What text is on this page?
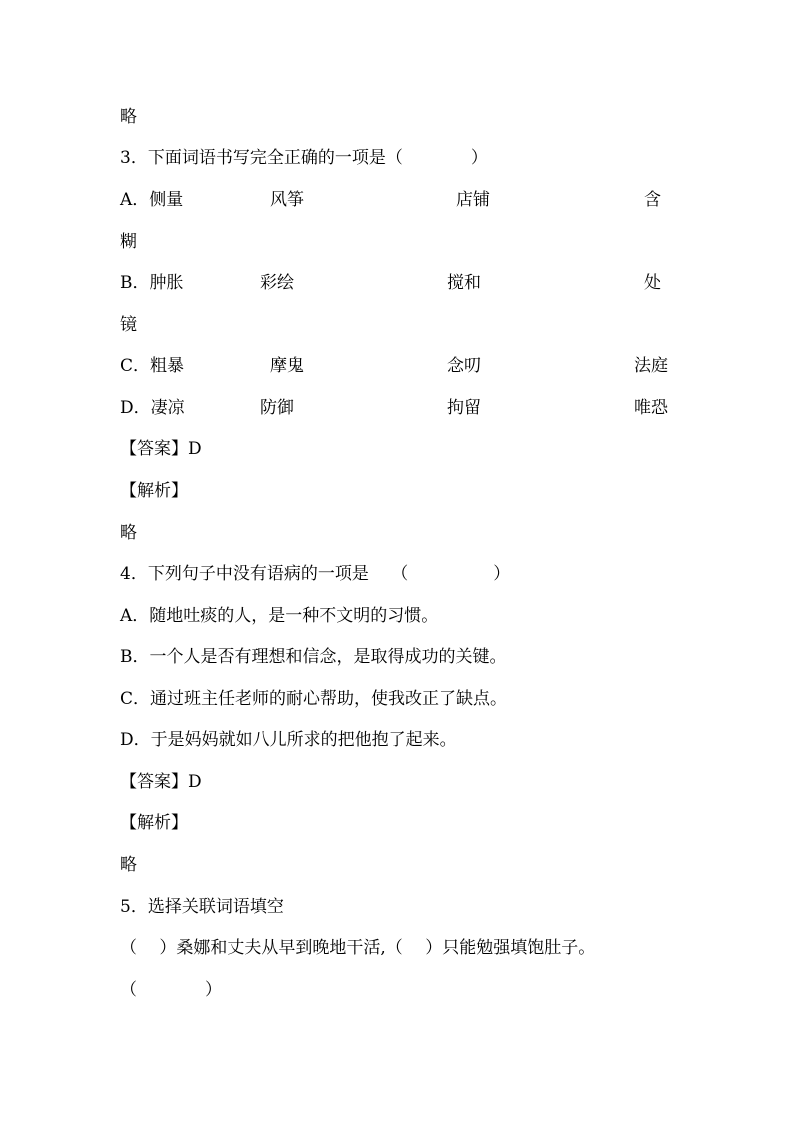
略
3．下面词语书写完全正确的一项是（　　　　）
A．侧量	风筝	店铺	含
糊
B．肿胀	彩绘	搅和	处
镜
C．粗暴	摩鬼	念叨	法庭
D．凄凉	防御	拘留	唯恐
【答案】D
【解析】
略
4．下列句子中没有语病的一项是　 （　　　　　）
A．随地吐痰的人，是一种不文明的习惯。
B．一个人是否有理想和信念，是取得成功的关键。
C．通过班主任老师的耐心帮助，使我改正了缺点。
D．于是妈妈就如八儿所求的把他抱了起来。
【答案】D
【解析】
略
5．选择关联词语填空
（　 ）桑娜和丈夫从早到晚地干活,（　 ）只能勉强填饱肚子。
（　　　　）
